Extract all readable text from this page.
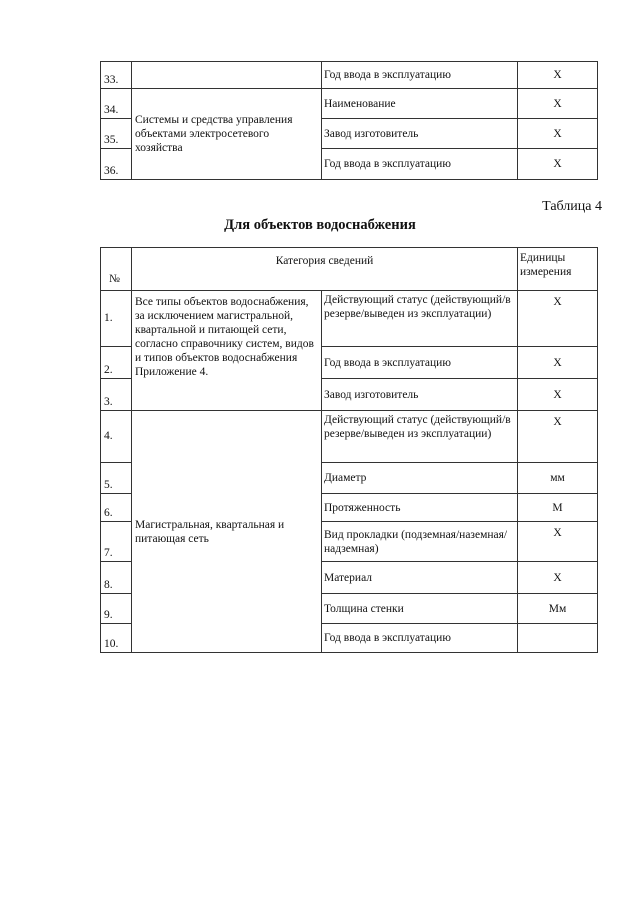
33.		Год ввода в эксплуатацию	X
34.	Системы и средства управления объектами электросетевого хозяйства	Наименование	X
35.		Завод изготовитель	X
36.		Год ввода в эксплуатацию	X
Таблица 4
Для объектов водоснабжения
№	Категория сведений		Единицы измерения
1.	Все типы объектов водоснабжения, за исключением магистральной, квартальной и питающей сети, согласно справочнику систем, видов и типов объектов водоснабжения Приложение 4.	Действующий статус (действующий/в резерве/выведен из эксплуатации)	X
2.		Год ввода в эксплуатацию	X
3.		Завод изготовитель	X
4.	Магистральная, квартальная и питающая сеть	Действующий статус (действующий/в резерве/выведен из эксплуатации)	X
5.		Диаметр	мм
6.		Протяженность	М
7.		Вид прокладки (подземная/наземная/надземная)	X
8.		Материал	X
9.		Толщина стенки	Мм
10.		Год ввода в эксплуатацию	
